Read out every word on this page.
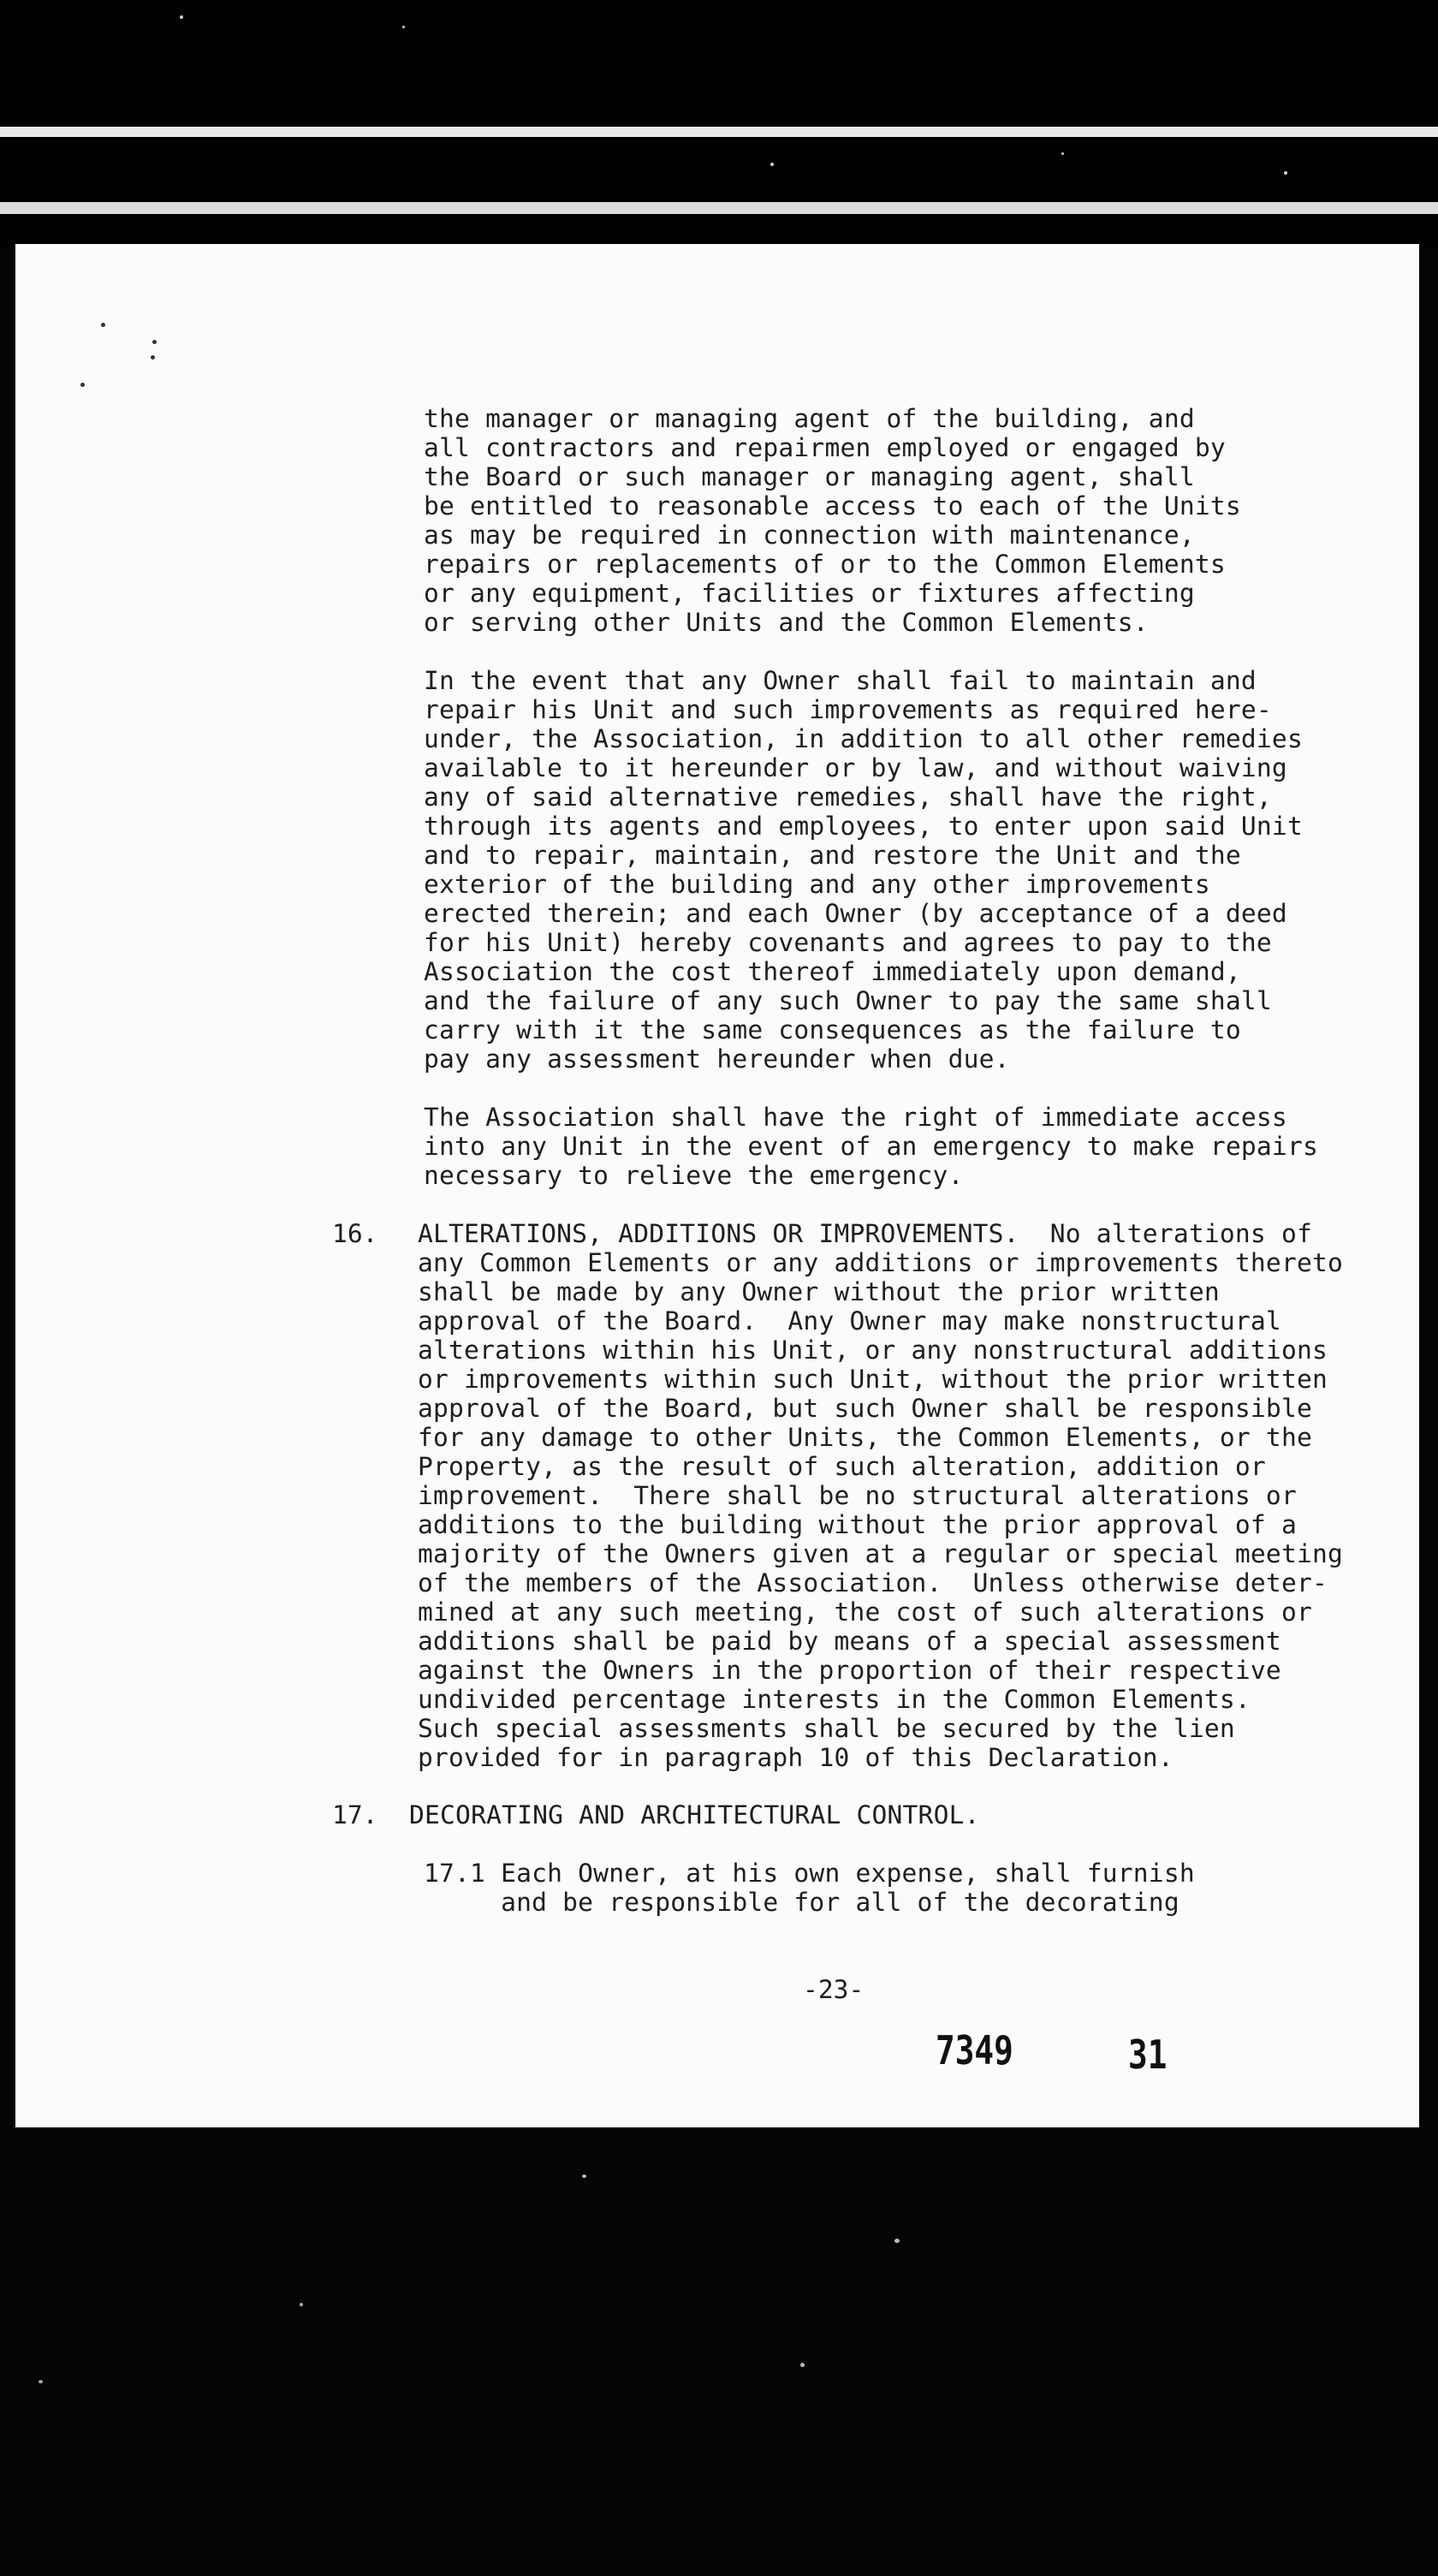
the manager or managing agent of the building, and
all contractors and repairmen employed or engaged by
the Board or such manager or managing agent, shall
be entitled to reasonable access to each of the Units
as may be required in connection with maintenance,
repairs or replacements of or to the Common Elements
or any equipment, facilities or fixtures affecting
or serving other Units and the Common Elements.

In the event that any Owner shall fail to maintain and
repair his Unit and such improvements as required here-
under, the Association, in addition to all other remedies
available to it hereunder or by law, and without waiving
any of said alternative remedies, shall have the right,
through its agents and employees, to enter upon said Unit
and to repair, maintain, and restore the Unit and the
exterior of the building and any other improvements
erected therein; and each Owner (by acceptance of a deed
for his Unit) hereby covenants and agrees to pay to the
Association the cost thereof immediately upon demand,
and the failure of any such Owner to pay the same shall
carry with it the same consequences as the failure to
pay any assessment hereunder when due.

The Association shall have the right of immediate access
into any Unit in the event of an emergency to make repairs
necessary to relieve the emergency.

16. ALTERATIONS, ADDITIONS OR IMPROVEMENTS.  No alterations of
any Common Elements or any additions or improvements thereto
shall be made by any Owner without the prior written
approval of the Board.  Any Owner may make nonstructural
alterations within his Unit, or any nonstructural additions
or improvements within such Unit, without the prior written
approval of the Board, but such Owner shall be responsible
for any damage to other Units, the Common Elements, or the
Property, as the result of such alteration, addition or
improvement.  There shall be no structural alterations or
additions to the building without the prior approval of a
majority of the Owners given at a regular or special meeting
of the members of the Association.  Unless otherwise deter-
mined at any such meeting, the cost of such alterations or
additions shall be paid by means of a special assessment
against the Owners in the proportion of their respective
undivided percentage interests in the Common Elements.
Such special assessments shall be secured by the lien
provided for in paragraph 10 of this Declaration.

17. DECORATING AND ARCHITECTURAL CONTROL.

17.1 Each Owner, at his own expense, shall furnish
and be responsible for all of the decorating

-23-

7349	31
